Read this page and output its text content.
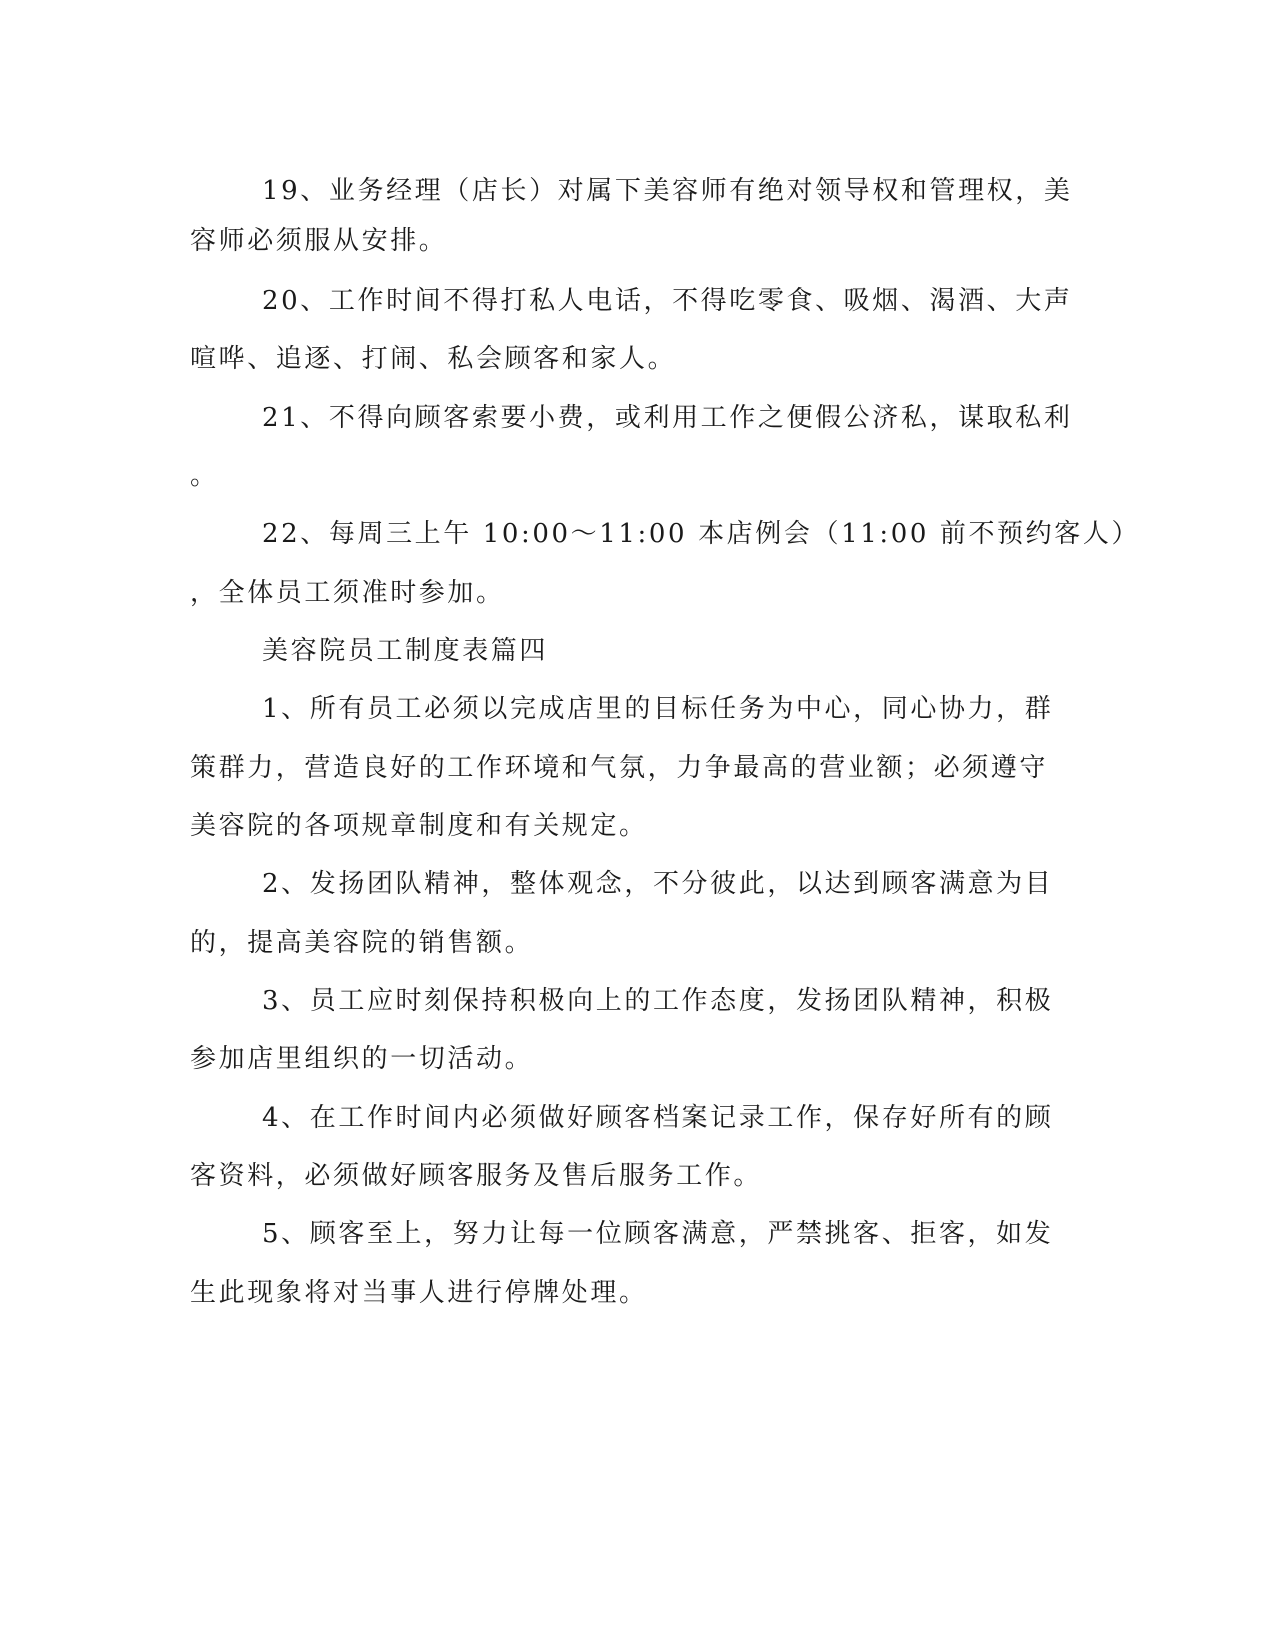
19、业务经理（店长）对属下美容师有绝对领导权和管理权，美
容师必须服从安排。
20、工作时间不得打私人电话，不得吃零食、吸烟、渴酒、大声
喧哗、追逐、打闹、私会顾客和家人。
21、不得向顾客索要小费，或利用工作之便假公济私，谋取私利
。
22、每周三上午 10:00～11:00 本店例会（11:00 前不预约客人）
，全体员工须准时参加。
美容院员工制度表篇四
1、所有员工必须以完成店里的目标任务为中心，同心协力，群
策群力，营造良好的工作环境和气氛，力争最高的营业额；必须遵守
美容院的各项规章制度和有关规定。
2、发扬团队精神，整体观念，不分彼此，以达到顾客满意为目
的，提高美容院的销售额。
3、员工应时刻保持积极向上的工作态度，发扬团队精神，积极
参加店里组织的一切活动。
4、在工作时间内必须做好顾客档案记录工作，保存好所有的顾
客资料，必须做好顾客服务及售后服务工作。
5、顾客至上，努力让每一位顾客满意，严禁挑客、拒客，如发
生此现象将对当事人进行停牌处理。
